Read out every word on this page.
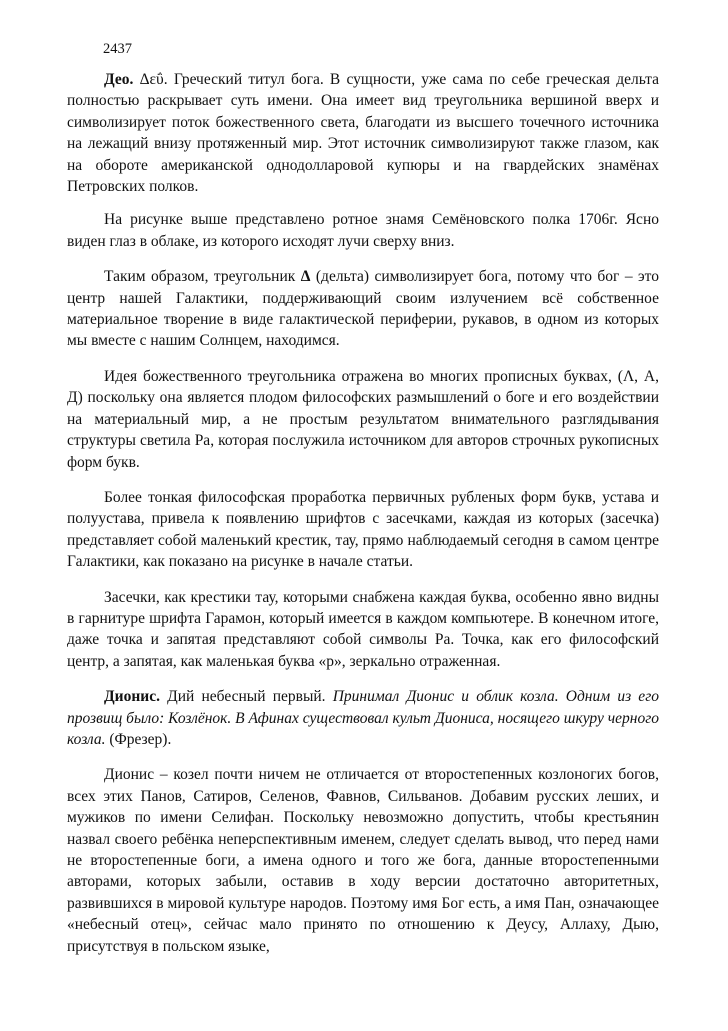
2437

Део. Δεΰ. Греческий титул бога. В сущности, уже сама по себе греческая дельта полностью раскрывает суть имени. Она имеет вид треугольника вершиной вверх и символизирует поток божественного света, благодати из высшего точечного источника на лежащий внизу протяженный мир. Этот источник символизируют также глазом, как на обороте американской однодолларовой купюры и на гвардейских знамёнах Петровских полков.

На рисунке выше представлено ротное знамя Семёновского полка 1706г. Ясно виден глаз в облаке, из которого исходят лучи сверху вниз.

Таким образом, треугольник Δ (дельта) символизирует бога, потому что бог – это центр нашей Галактики, поддерживающий своим излучением всё собственное материальное творение в виде галактической периферии, рукавов, в одном из которых мы вместе с нашим Солнцем, находимся.

Идея божественного треугольника отражена во многих прописных буквах, (Λ, А, Д) поскольку она является плодом философских размышлений о боге и его воздействии на материальный мир, а не простым результатом внимательного разглядывания структуры светила Ра, которая послужила источником для авторов строчных рукописных форм букв.

Более тонкая философская проработка первичных рубленых форм букв, устава и полуустава, привела к появлению шрифтов с засечками, каждая из которых (засечка) представляет собой маленький крестик, тау, прямо наблюдаемый сегодня в самом центре Галактики, как показано на рисунке в начале статьи.

Засечки, как крестики тау, которыми снабжена каждая буква, особенно явно видны в гарнитуре шрифта Гарамон, который имеется в каждом компьютере. В конечном итоге, даже точка и запятая представляют собой символы Ра. Точка, как его философский центр, а запятая, как маленькая буква «р», зеркально отраженная.

Дионис. Дий небесный первый. Принимал Дионис и облик козла. Одним из его прозвищ было: Козлёнок. В Афинах существовал культ Диониса, носящего шкуру черного козла. (Фрезер).

Дионис – козел почти ничем не отличается от второстепенных козлоногих богов, всех этих Панов, Сатиров, Селенов, Фавнов, Сильванов. Добавим русских леших, и мужиков по имени Селифан. Поскольку невозможно допустить, чтобы крестьянин назвал своего ребёнка неперспективным именем, следует сделать вывод, что перед нами не второстепенные боги, а имена одного и того же бога, данные второстепенными авторами, которых забыли, оставив в ходу версии достаточно авторитетных, развившихся в мировой культуре народов. Поэтому имя Бог есть, а имя Пан, означающее «небесный отец», сейчас мало принято по отношению к Деусу, Аллаху, Дыю, присутствуя в польском языке,
